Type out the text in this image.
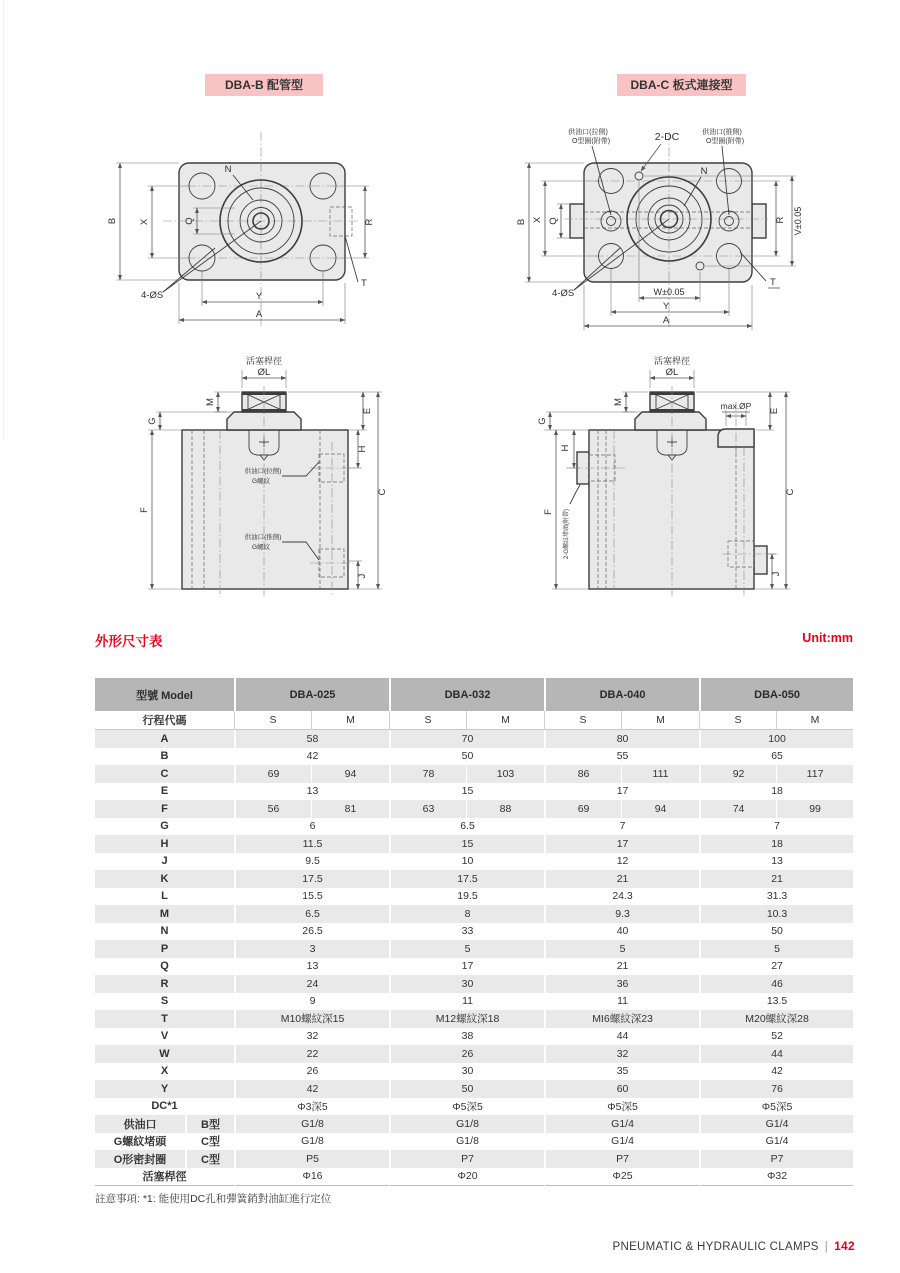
DBA-B 配管型	DBA-C 板式連接型
B X	Q	R
Y
A
N
4-ØS
T
供油口(拉側)
O型圈(附帶)	2-DC	供油口(推側)
O型圈(附帶)
N
B X Q	R V±0.05
W±0.05
Y
A
4-ØS
T
供油口(拉側)
G螺紋
供油口(推側)
G螺紋
活塞桿徑
ØL
M
G
E
H
C
F
J
2-G螺紋堵頭(附帶)
max.ØP
活塞桿徑
ØL
M
G
F
H
E
C
J
外形尺寸表	Unit:mm
型號 Model		DBA-025		DBA-032		DBA-040		DBA-050	
行程代碼		S	M	S	M	S	M	S	M
A		58		70		80		100	
B		42		50		55		65	
C		69	94	78	103	86	111	92	117
E		13		15		17		18	
F		56	81	63	88	69	94	74	99
G		6		6.5		7		7	
H		11.5		15		17		18	
J		9.5		10		12		13	
K		17.5		17.5		21		21	
L		15.5		19.5		24.3		31.3	
M		6.5		8		9.3		10.3	
N		26.5		33		40		50	
P		3		5		5		5	
Q		13		17		21		27	
R		24		30		36		46	
S		9		11		11		13.5	
T		M10螺紋深15		M12螺紋深18		MI6螺紋深23		M20螺紋深28	
V		32		38		44		52	
W		22		26		32		44	
X		26		30		35		42	
Y		42		50		60		76	
DC*1		Φ3深5		Φ5深5		Φ5深5		Φ5深5	
供油口	B型	G1/8		G1/8		G1/4		G1/4	
G螺紋堵頭	C型	G1/8		G1/8		G1/4		G1/4	
O形密封圈	C型	P5		P7		P7		P7	
活塞桿徑		Φ16		Φ20		Φ25		Φ32	
註意事項: *1: 能使用DC孔和彈簧銷對油缸進行定位
PNEUMATIC & HYDRAULIC CLAMPS | 142
